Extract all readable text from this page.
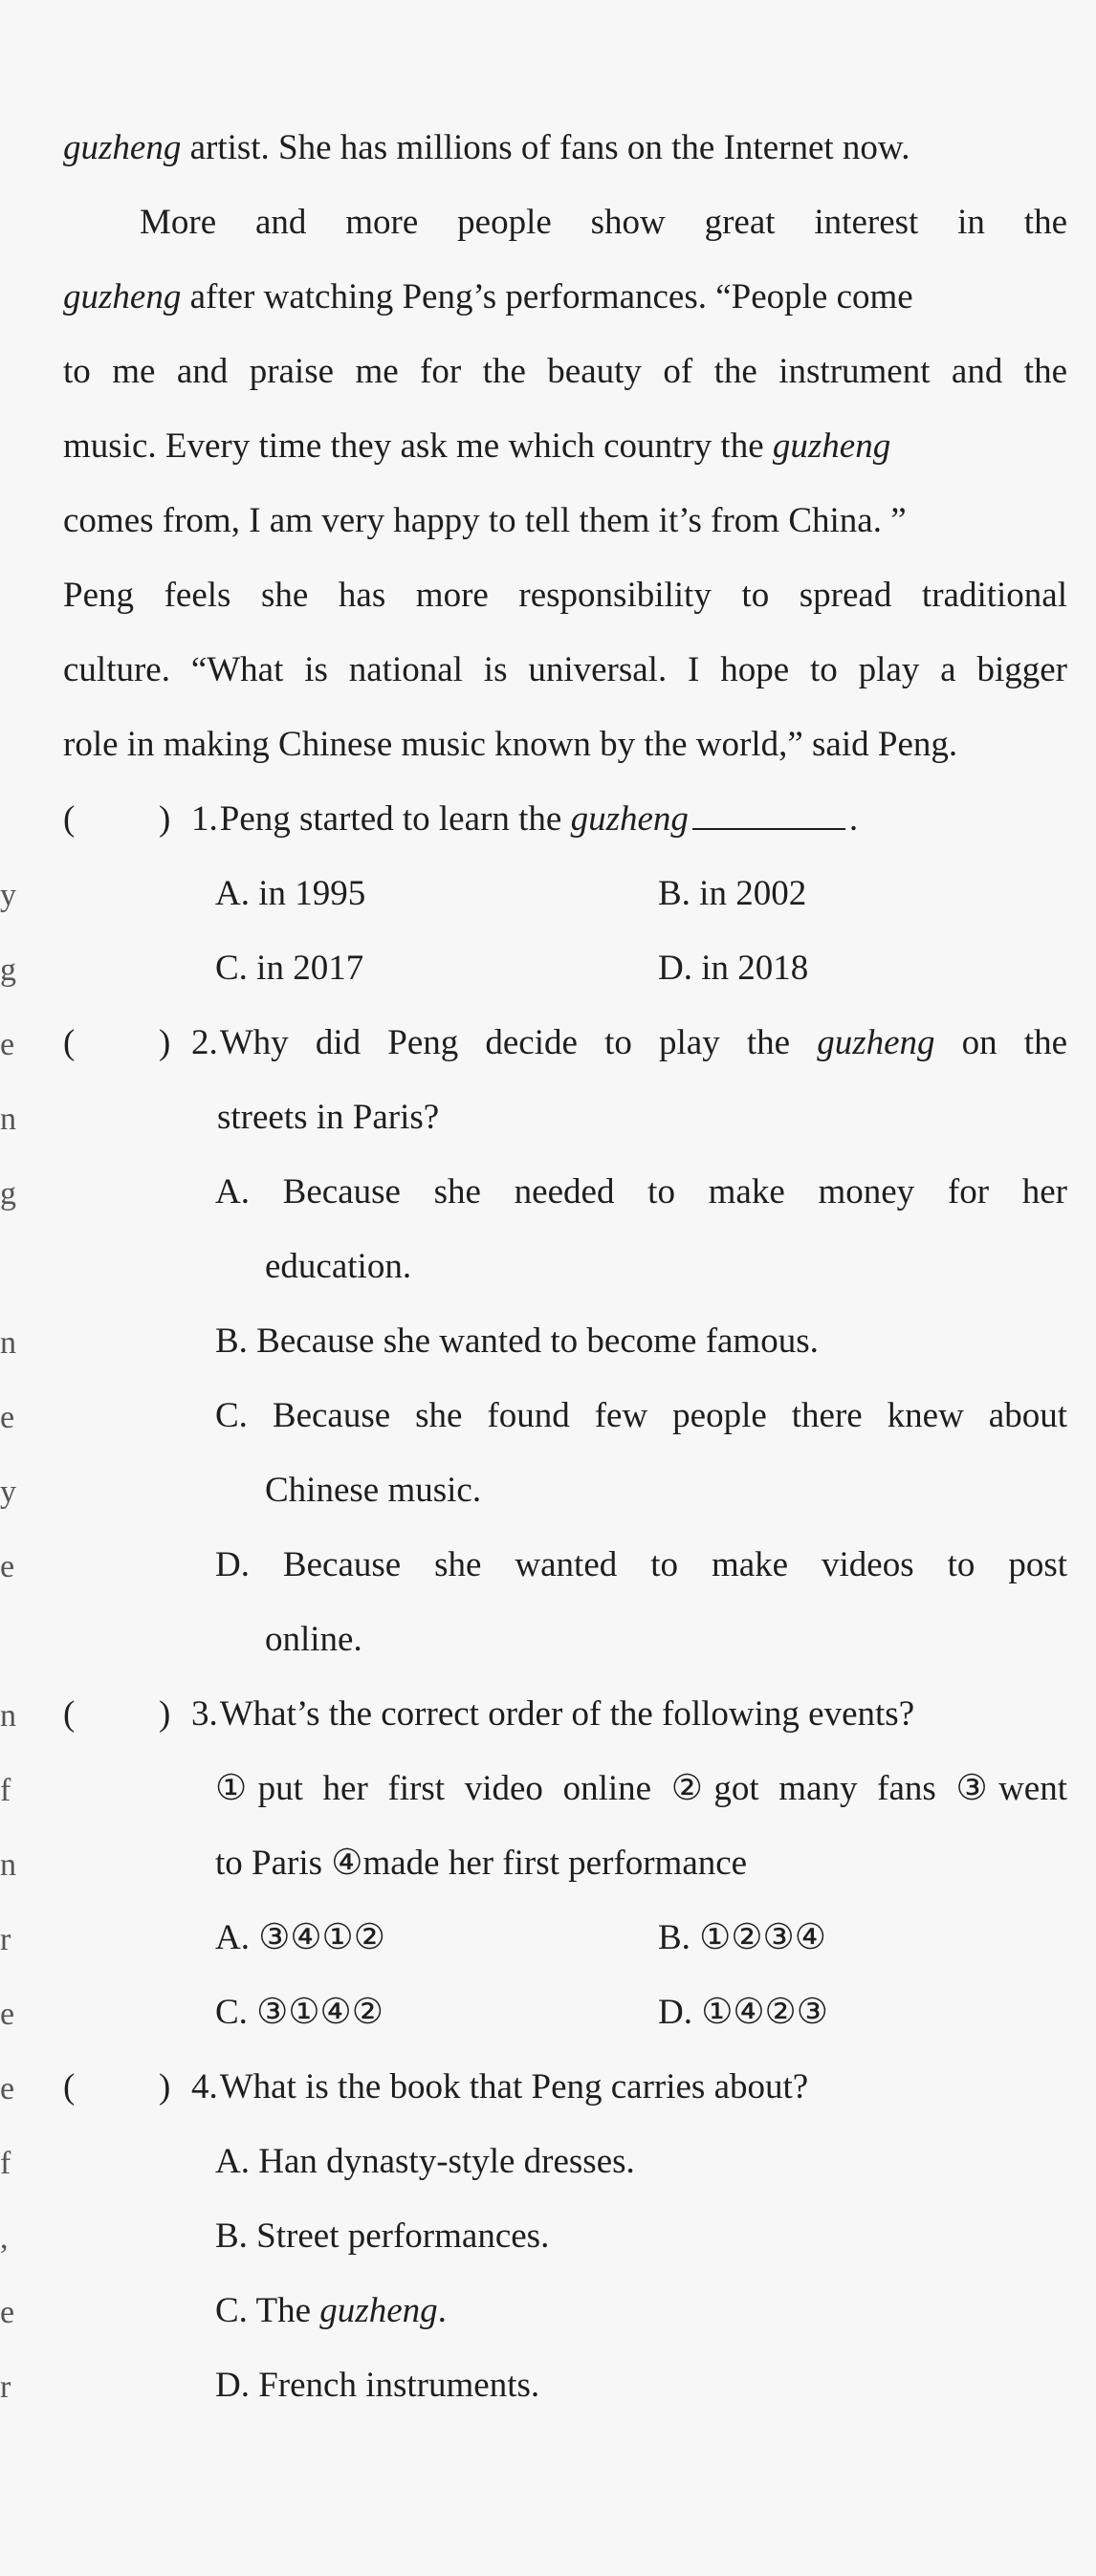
y
g
e
n
g
n
e
y
e
n
f
n
r
e
e
f
,
e
r
guzheng artist. She has millions of fans on the Internet now.
More and more people show great interest in the
guzheng after watching Peng’s performances. “People come
to me and praise me for the beauty of the instrument and the
music. Every time they ask me which country the guzheng
comes from, I am very happy to tell them it’s from China. ”
Peng feels she has more responsibility to spread traditional
culture. “What is national is universal. I hope to play a bigger
role in making Chinese music known by the world,” said Peng.
( ) 1.Peng started to learn the guzheng	.
A. in 1995	B. in 2002
C. in 2017	D. in 2018
( ) 2.Why did Peng decide to play the guzheng on the
streets in Paris?
A. Because she needed to make money for her
education.
B. Because she wanted to become famous.
C. Because she found few people there knew about
Chinese music.
D. Because she wanted to make videos to post
online.
( ) 3.What’s the correct order of the following events?
①put her first video online ②got many fans ③went
to Paris ④made her first performance
A. ③④①②	B. ①②③④
C. ③①④②	D. ①④②③
( ) 4.What is the book that Peng carries about?
A. Han dynasty-style dresses.
B. Street performances.
C. The guzheng.
D. French instruments.
